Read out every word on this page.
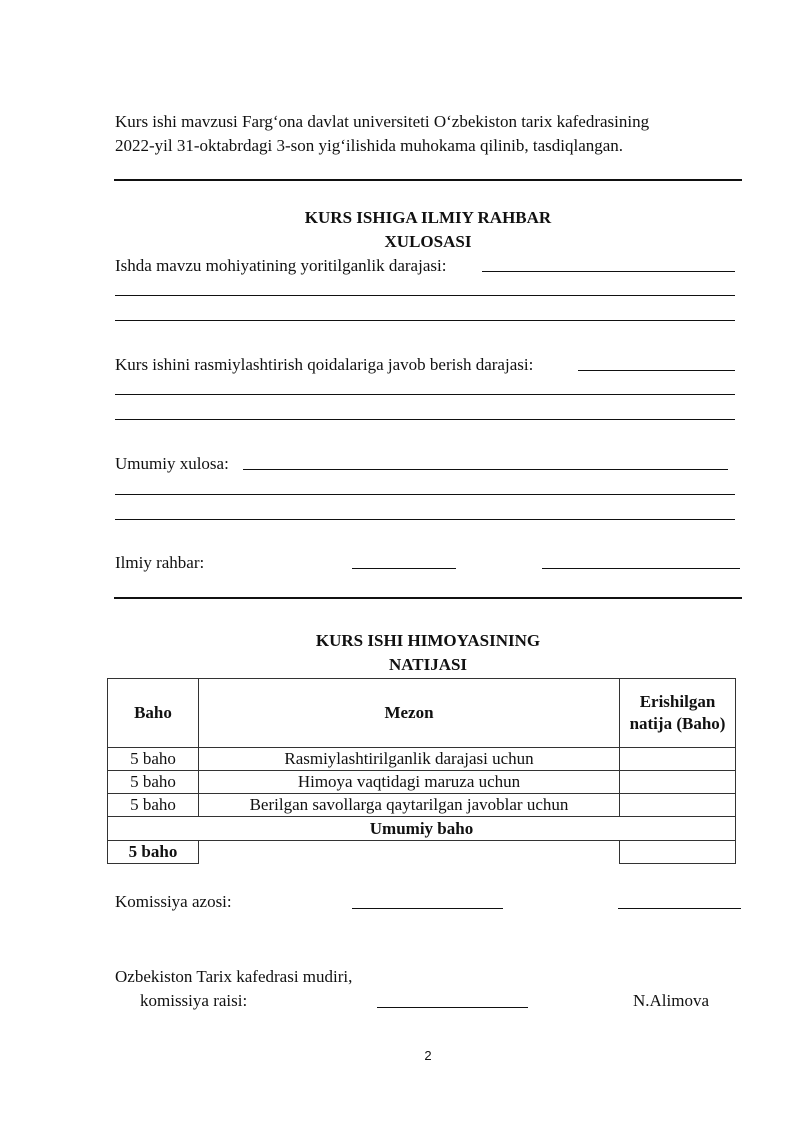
Kurs ishi mavzusi Farg‘ona davlat universiteti O‘zbekiston tarix kafedrasining
2022-yil 31-oktabrdagi 3-son yig‘ilishida muhokama qilinib, tasdiqlangan.
KURS ISHIGA ILMIY RAHBAR
XULOSASI
Ishda mavzu mohiyatining yoritilganlik darajasi:
Kurs ishini rasmiylashtirish qoidalariga javob berish darajasi:
Umumiy xulosa:
Ilmiy rahbar:
KURS ISHI HIMOYASINING
NATIJASI
Baho	Mezon	Erishilgan natija (Baho)
5 baho	Rasmiylashtirilganlik darajasi uchun	
5 baho	Himoya vaqtidagi maruza uchun	
5 baho	Berilgan savollarga qaytarilgan javoblar uchun	
Umumiy baho		
5 baho		
Komissiya azosi:
Ozbekiston Tarix kafedrasi mudiri,
komissiya raisi:	N.Alimova
2
